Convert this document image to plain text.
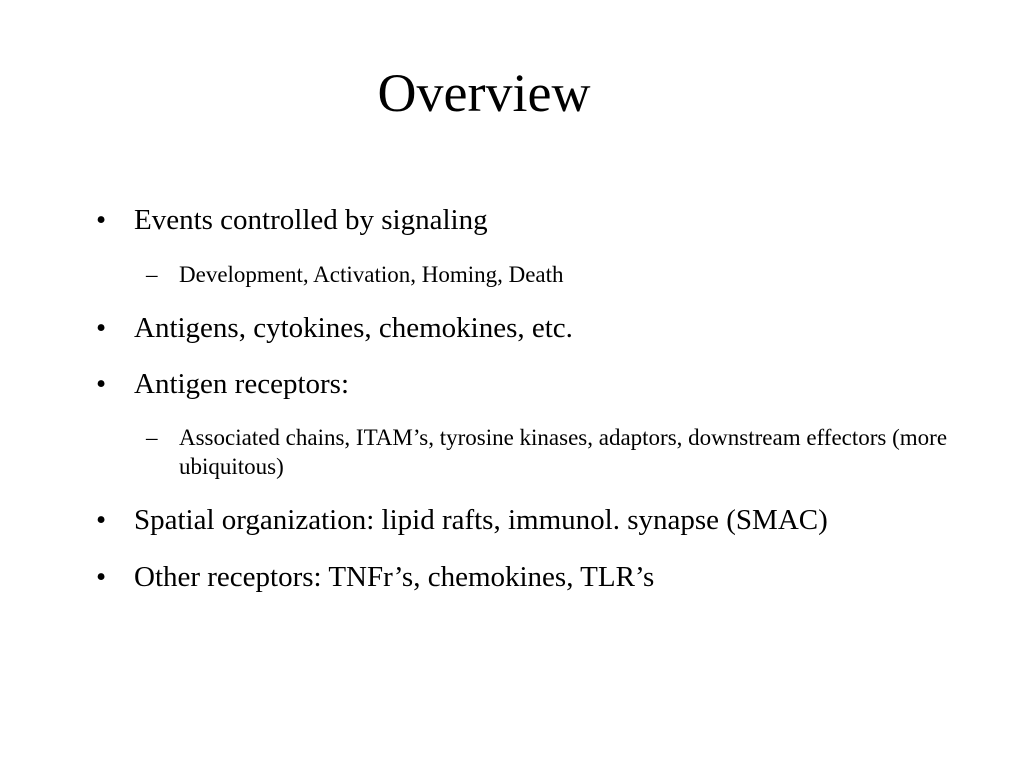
Overview
• Events controlled by signaling
– Development, Activation, Homing, Death
• Antigens, cytokines, chemokines, etc.
• Antigen receptors:
– Associated chains, ITAM’s, tyrosine kinases, adaptors, downstream effectors (more ubiquitous)
• Spatial organization: lipid rafts, immunol. synapse (SMAC)
• Other receptors: TNFr’s, chemokines, TLR’s
